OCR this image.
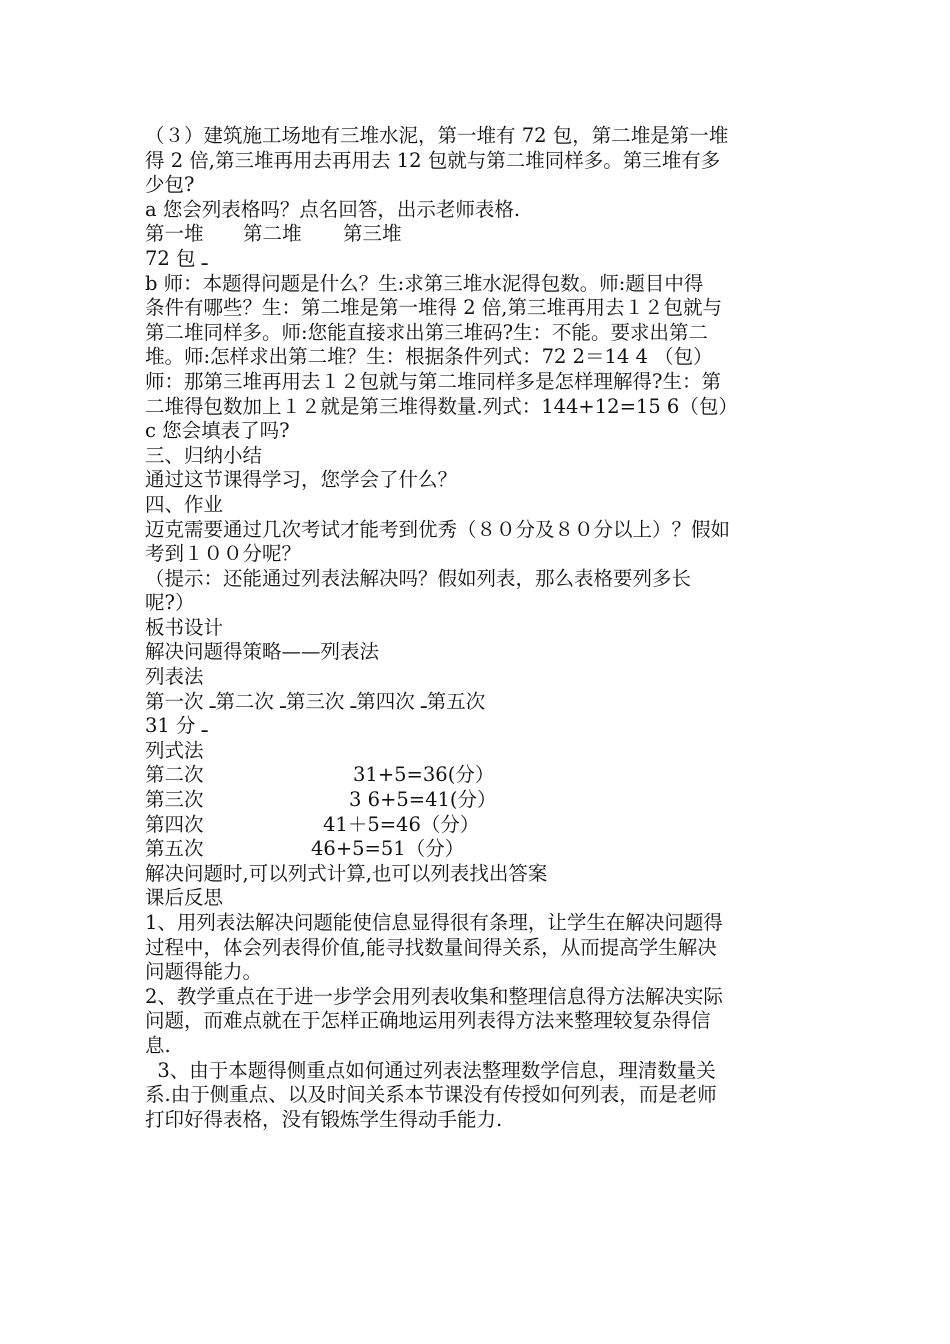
（３）建筑施工场地有三堆水泥，第一堆有 72 包，第二堆是第一堆
得 2 倍,第三堆再用去再用去 12 包就与第二堆同样多。第三堆有多
少包?
a 您会列表格吗？点名回答，出示老师表格.
第一堆	第二堆	第三堆
72 包 ـ
b 师：本题得问题是什么？生:求第三堆水泥得包数。师:题目中得
条件有哪些？生：第二堆是第一堆得 2 倍,第三堆再用去１２包就与
第二堆同样多。师:您能直接求出第三堆码?生：不能。要求出第二
堆。师:怎样求出第二堆？生：根据条件列式：72 2＝14 4 （包）
师：那第三堆再用去１２包就与第二堆同样多是怎样理解得?生：第
二堆得包数加上１２就是第三堆得数量.列式：144+12=15 6（包）
c 您会填表了吗?
三、归纳小结
通过这节课得学习，您学会了什么？
四、作业
迈克需要通过几次考试才能考到优秀（８０分及８０分以上）？假如
考到１００分呢？
（提示：还能通过列表法解决吗？假如列表，那么表格要列多长
呢?）
板书设计
解决问题得策略——列表法
列表法
第一次 ـ第二次 ـ第三次 ـ第四次 ـ第五次
31 分 ـ
列式法
第二次	31+5=36(分）
第三次	3 6+5=41(分）
第四次	41＋5=46（分）
第五次	46+5=51（分）
解决问题时,可以列式计算,也可以列表找出答案
课后反思
1、用列表法解决问题能使信息显得很有条理，让学生在解决问题得
过程中，体会列表得价值,能寻找数量间得关系，从而提高学生解决
问题得能力。
2、教学重点在于进一步学会用列表收集和整理信息得方法解决实际
问题，而难点就在于怎样正确地运用列表得方法来整理较复杂得信
息.
3、由于本题得侧重点如何通过列表法整理数学信息，理清数量关
系.由于侧重点、以及时间关系本节课没有传授如何列表，而是老师
打印好得表格，没有锻炼学生得动手能力.
